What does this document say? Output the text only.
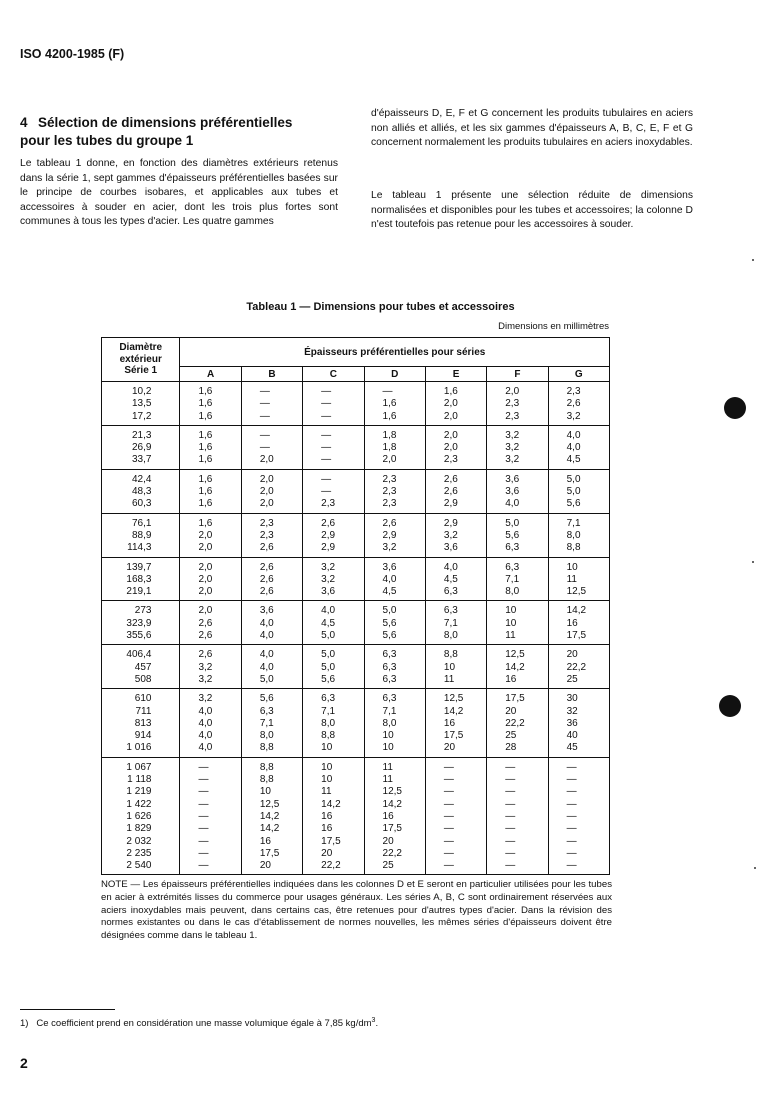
ISO 4200-1985 (F)
4 Sélection de dimensions préférentielles
pour les tubes du groupe 1
Le tableau 1 donne, en fonction des diamètres extérieurs retenus dans la série 1, sept gammes d'épaisseurs préférentielles basées sur le principe de courbes isobares, et applicables aux tubes et accessoires à souder en acier, dont les trois plus fortes sont communes à tous les types d'acier. Les quatre gammes
d'épaisseurs D, E, F et G concernent les produits tubulaires en aciers non alliés et alliés, et les six gammes d'épaisseurs A, B, C, E, F et G concernent normalement les produits tubulaires en aciers inoxydables.
Le tableau 1 présente une sélection réduite de dimensions normalisées et disponibles pour les tubes et accessoires; la colonne D n'est toutefois pas retenue pour les accessoires à souder.
Tableau 1 — Dimensions pour tubes et accessoires
Dimensions en millimètres
Diamètre
extérieur
Série 1	Épaisseurs préférentielles pour séries						
	A	B	C	D	E	F	G
10,2	1,6	—	—	—	1,6	2,0	2,3
13,5	1,6	—	—	1,6	2,0	2,3	2,6
17,2	1,6	—	—	1,6	2,0	2,3	3,2
21,3	1,6	—	—	1,8	2,0	3,2	4,0
26,9	1,6	—	—	1,8	2,0	3,2	4,0
33,7	1,6	2,0	—	2,0	2,3	3,2	4,5
42,4	1,6	2,0	—	2,3	2,6	3,6	5,0
48,3	1,6	2,0	—	2,3	2,6	3,6	5,0
60,3	1,6	2,0	2,3	2,3	2,9	4,0	5,6
76,1	1,6	2,3	2,6	2,6	2,9	5,0	7,1
88,9	2,0	2,3	2,9	2,9	3,2	5,6	8,0
114,3	2,0	2,6	2,9	3,2	3,6	6,3	8,8
139,7	2,0	2,6	3,2	3,6	4,0	6,3	10
168,3	2,0	2,6	3,2	4,0	4,5	7,1	11
219,1	2,0	2,6	3,6	4,5	6,3	8,0	12,5
273	2,0	3,6	4,0	5,0	6,3	10	14,2
323,9	2,6	4,0	4,5	5,6	7,1	10	16
355,6	2,6	4,0	5,0	5,6	8,0	11	17,5
406,4	2,6	4,0	5,0	6,3	8,8	12,5	20
457	3,2	4,0	5,0	6,3	10	14,2	22,2
508	3,2	5,0	5,6	6,3	11	16	25
610	3,2	5,6	6,3	6,3	12,5	17,5	30
711	4,0	6,3	7,1	7,1	14,2	20	32
813	4,0	7,1	8,0	8,0	16	22,2	36
914	4,0	8,0	8,8	10	17,5	25	40
1 016	4,0	8,8	10	10	20	28	45
1 067	—	8,8	10	11	—	—	—
1 118	—	8,8	10	11	—	—	—
1 219	—	10	11	12,5	—	—	—
1 422	—	12,5	14,2	14,2	—	—	—
1 626	—	14,2	16	16	—	—	—
1 829	—	14,2	16	17,5	—	—	—
2 032	—	16	17,5	20	—	—	—
2 235	—	17,5	20	22,2	—	—	—
2 540	—	20	22,2	25	—	—	—
NOTE — Les épaisseurs préférentielles indiquées dans les colonnes D et E seront en particulier utilisées pour les tubes en acier à extrémités lisses du commerce pour usages généraux. Les séries A, B, C sont ordinairement réservées aux aciers inoxydables mais peuvent, dans certains cas, être retenues pour d'autres types d'acier. Dans la révision des normes existantes ou dans le cas d'établissement de normes nouvelles, les mêmes séries d'épaisseurs doivent être désignées comme dans le tableau 1.
1) Ce coefficient prend en considération une masse volumique égale à 7,85 $kg/dm^3$.
2
